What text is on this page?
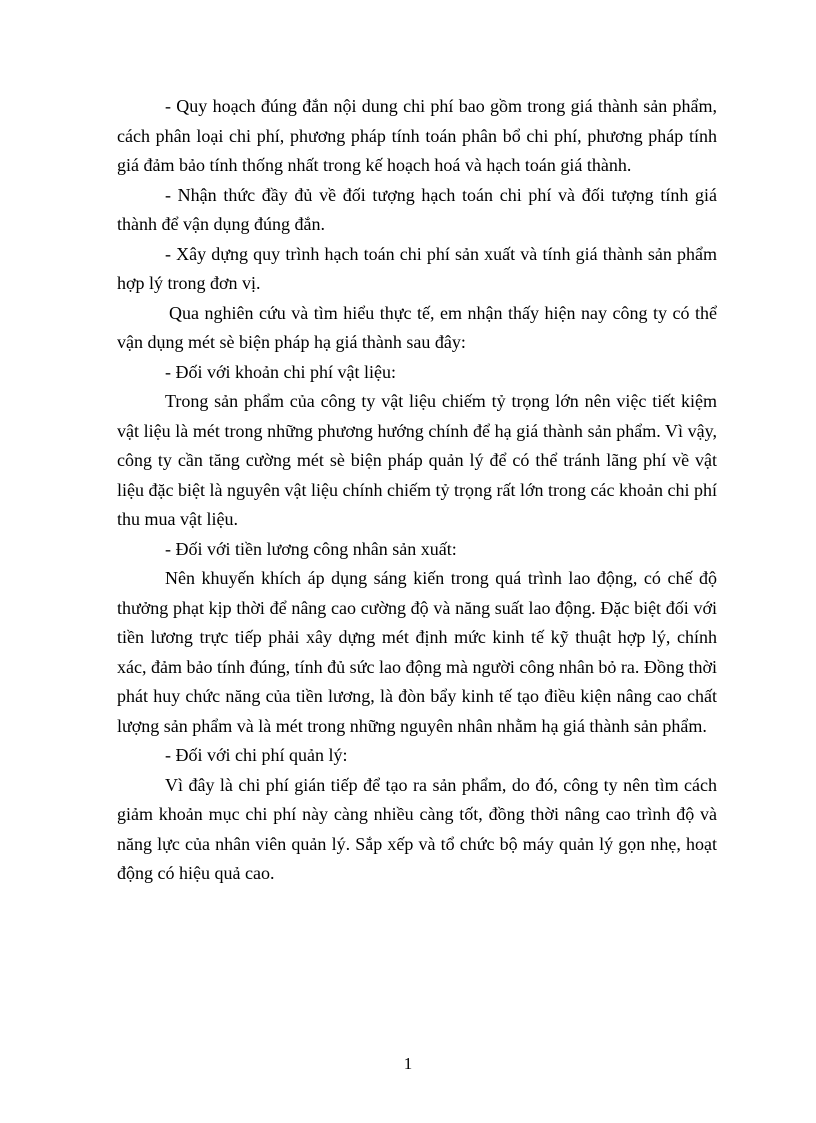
- Quy hoạch đúng đắn nội dung chi phí bao gồm trong giá thành sản phẩm, cách phân loại chi phí, phương pháp tính toán phân bổ chi phí, phương pháp tính giá đảm bảo tính thống nhất trong kế hoạch hoá và hạch toán giá thành.

- Nhận thức đầy đủ về đối tượng hạch toán chi phí và đối tượng tính giá thành để vận dụng đúng đắn.

- Xây dựng quy trình hạch toán chi phí sản xuất và tính giá thành sản phẩm hợp lý trong đơn vị.

Qua nghiên cứu và tìm hiểu thực tế, em nhận thấy hiện nay công ty có thể vận dụng mét sè biện pháp hạ giá thành sau đây:

- Đối với khoản chi phí vật liệu:

Trong sản phẩm của công ty vật liệu chiếm tỷ trọng lớn nên việc tiết kiệm vật liệu là mét trong những phương hướng chính để hạ giá thành sản phẩm. Vì vậy, công ty cần tăng cường mét sè biện pháp quản lý để có thể tránh lãng phí về vật liệu đặc biệt là nguyên vật liệu chính chiếm tỷ trọng rất lớn trong các khoản chi phí thu mua vật liệu.

- Đối với tiền lương công nhân sản xuất:

Nên khuyến khích áp dụng sáng kiến trong quá trình lao động, có chế độ thưởng phạt kịp thời để nâng cao cường độ và năng suất lao động. Đặc biệt đối với tiền lương trực tiếp phải xây dựng mét định mức kinh tế kỹ thuật hợp lý, chính xác, đảm bảo tính đúng, tính đủ sức lao động mà người công nhân bỏ ra. Đồng thời phát huy chức năng của tiền lương, là đòn bẩy kinh tế tạo điều kiện nâng cao chất lượng sản phẩm và là mét trong những nguyên nhân nhằm hạ giá thành sản phẩm.

- Đối với chi phí quản lý:

Vì đây là chi phí gián tiếp để tạo ra sản phẩm, do đó, công ty nên tìm cách giảm khoản mục chi phí này càng nhiều càng tốt, đồng thời nâng cao trình độ và năng lực của nhân viên quản lý. Sắp xếp và tổ chức bộ máy quản lý gọn nhẹ, hoạt động có hiệu quả cao.

1
